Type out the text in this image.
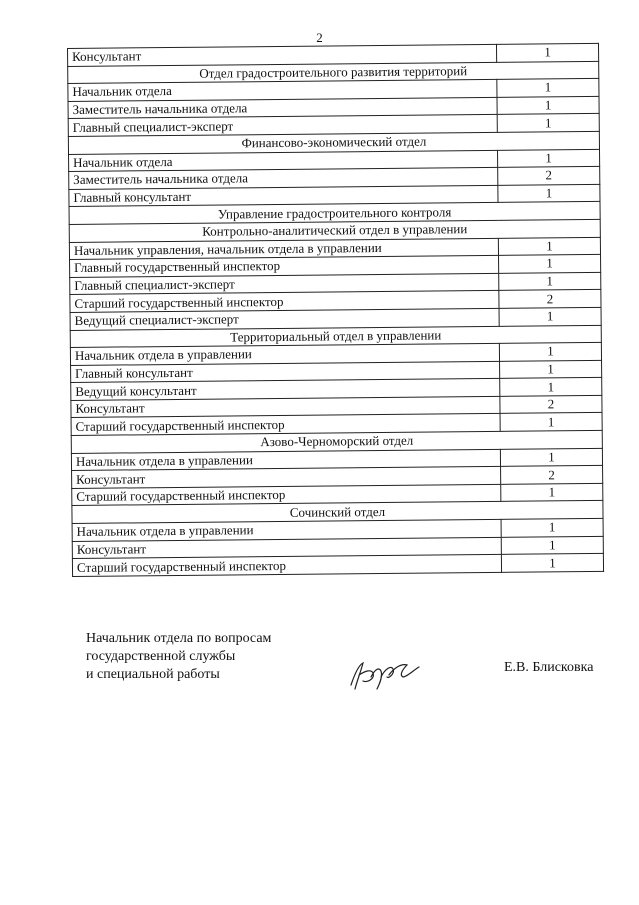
2
Консультант	1
Отдел градостроительного развития территорий	
Начальник отдела	1
Заместитель начальника отдела	1
Главный специалист-эксперт	1
Финансово-экономический отдел	
Начальник отдела	1
Заместитель начальника отдела	2
Главный консультант	1
Управление градостроительного контроля	
Контрольно-аналитический отдел в управлении	
Начальник управления, начальник отдела в управлении	1
Главный государственный инспектор	1
Главный специалист-эксперт	1
Старший государственный инспектор	2
Ведущий специалист-эксперт	1
Территориальный отдел в управлении	
Начальник отдела в управлении	1
Главный консультант	1
Ведущий консультант	1
Консультант	2
Старший государственный инспектор	1
Азово-Черноморский отдел	
Начальник отдела в управлении	1
Консультант	2
Старший государственный инспектор	1
Сочинский отдел	
Начальник отдела в управлении	1
Консультант	1
Старший государственный инспектор	1
Начальник отдела по вопросам
государственной службы
и специальной работы	Е.В. Блисковка
